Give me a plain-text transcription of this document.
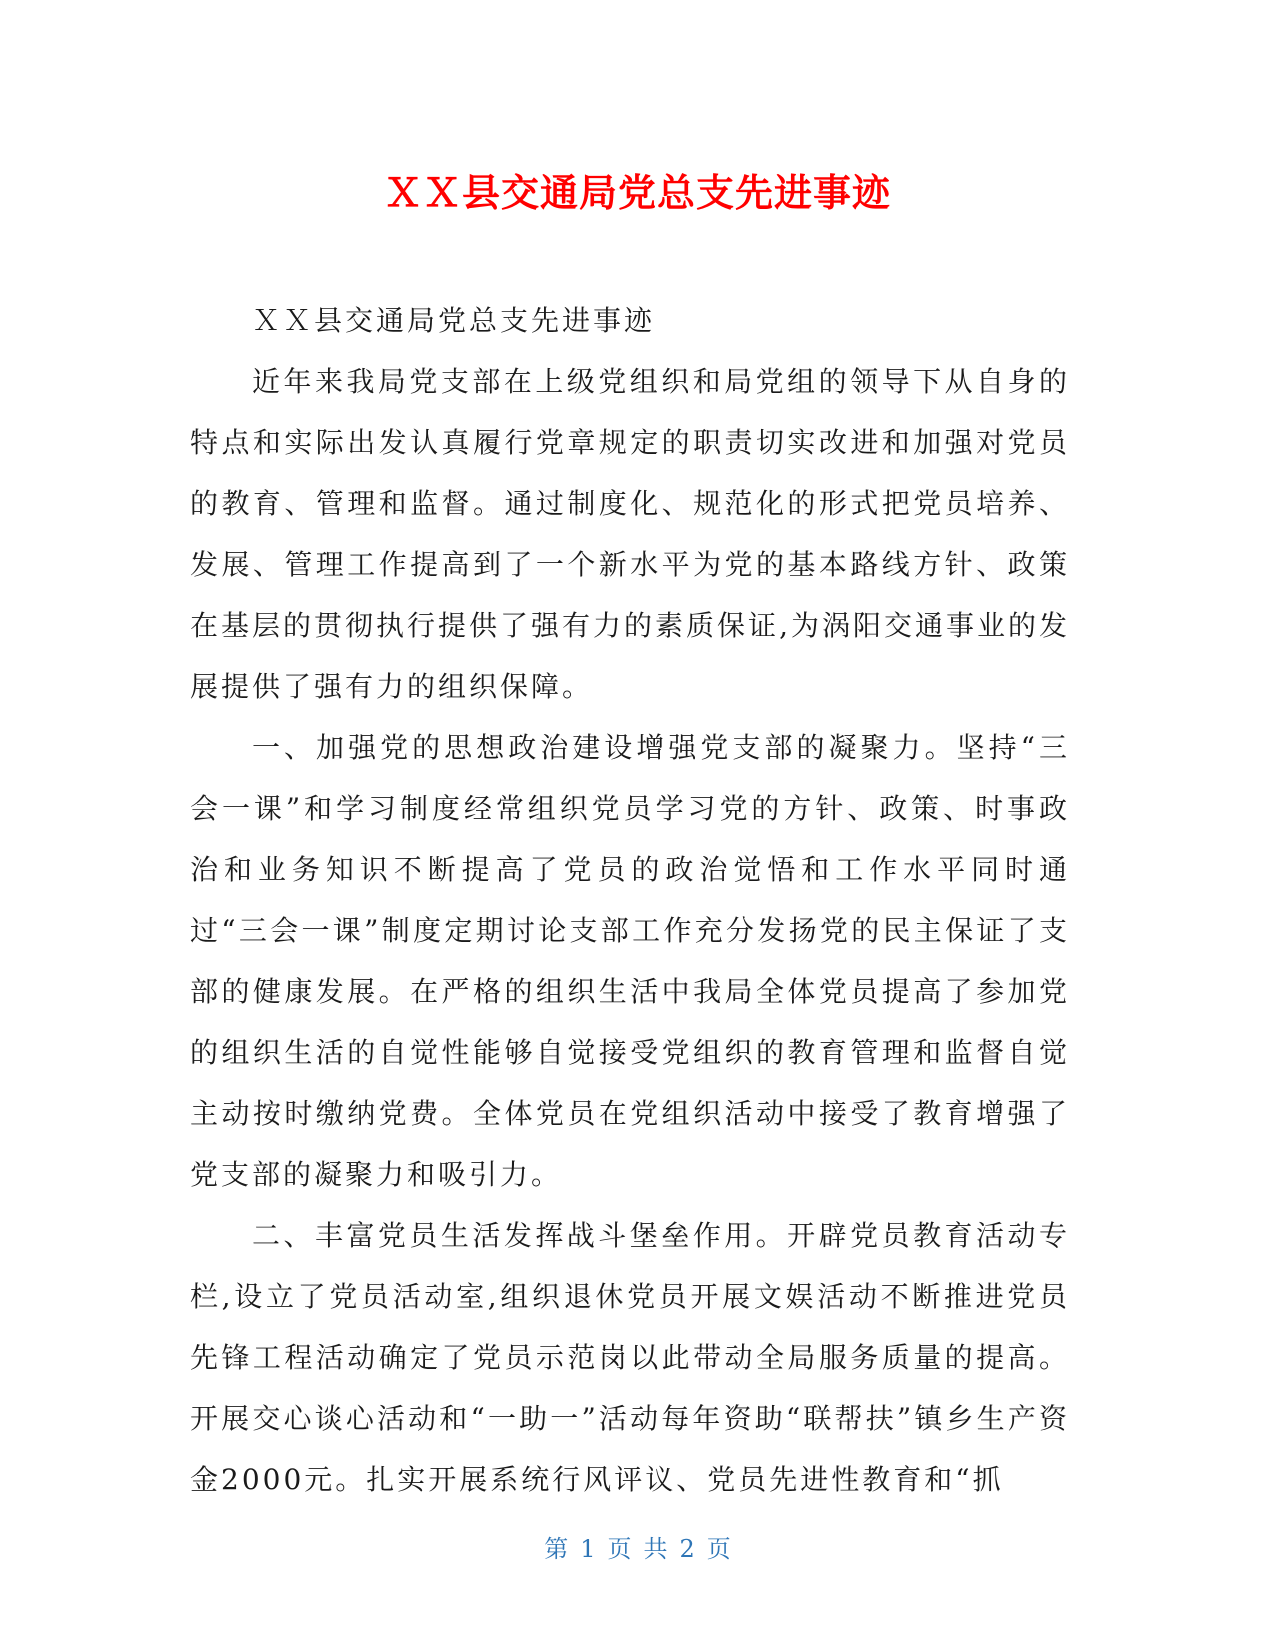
ＸＸ县交通局党总支先进事迹

ＸＸ县交通局党总支先进事迹

近年来我局党支部在上级党组织和局党组的领导下从自身的特点和实际出发认真履行党章规定的职责切实改进和加强对党员的教育、管理和监督。通过制度化、规范化的形式把党员培养、发展、管理工作提高到了一个新水平为党的基本路线方针、政策在基层的贯彻执行提供了强有力的素质保证,为涡阳交通事业的发展提供了强有力的组织保障。

一、加强党的思想政治建设增强党支部的凝聚力。坚持“三会一课”和学习制度经常组织党员学习党的方针、政策、时事政治和业务知识不断提高了党员的政治觉悟和工作水平同时通过“三会一课”制度定期讨论支部工作充分发扬党的民主保证了支部的健康发展。在严格的组织生活中我局全体党员提高了参加党的组织生活的自觉性能够自觉接受党组织的教育管理和监督自觉主动按时缴纳党费。全体党员在党组织活动中接受了教育增强了党支部的凝聚力和吸引力。

二、丰富党员生活发挥战斗堡垒作用。开辟党员教育活动专栏,设立了党员活动室,组织退休党员开展文娱活动不断推进党员先锋工程活动确定了党员示范岗以此带动全局服务质量的提高。开展交心谈心活动和“一助一”活动每年资助“联帮扶”镇乡生产资金2000元。扎实开展系统行风评议、党员先进性教育和“抓

第 1 页 共 2 页
